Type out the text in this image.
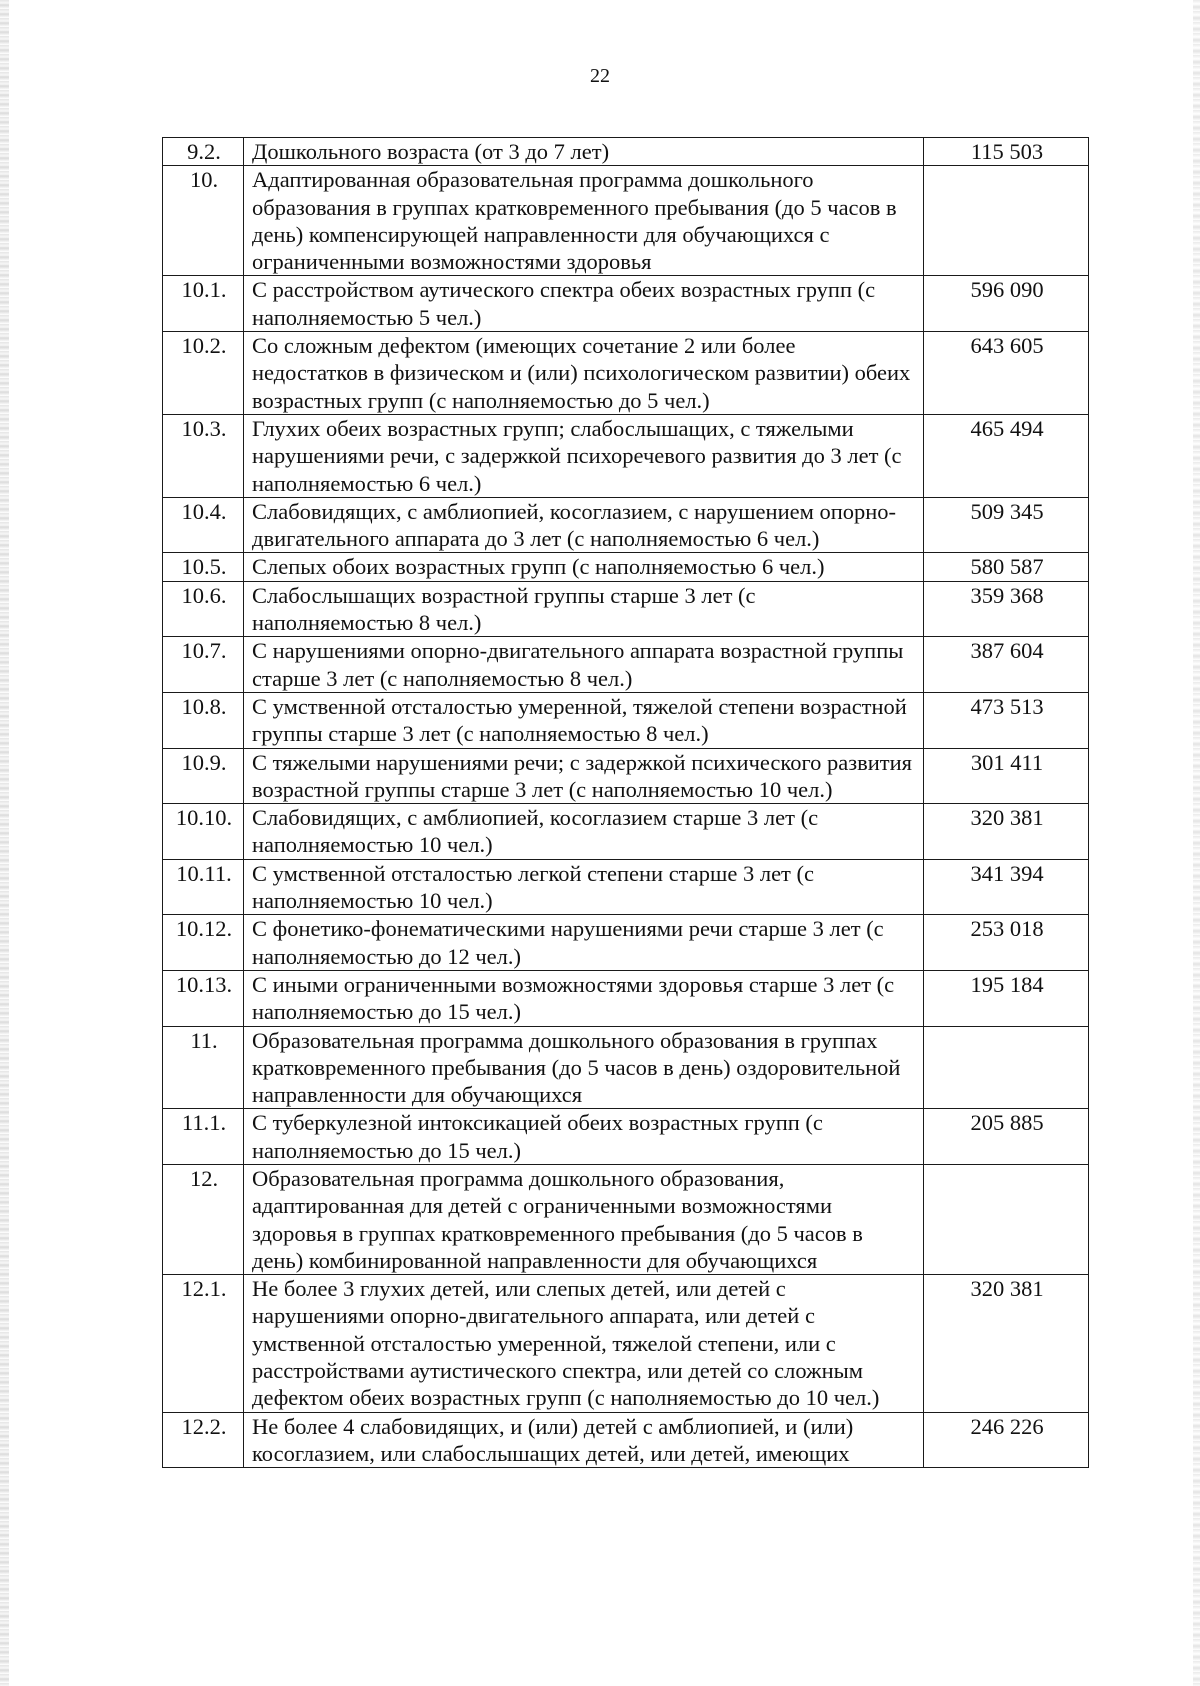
22
9.2.	Дошкольного возраста (от 3 до 7 лет)	115 503
10.	Адаптированная образовательная программа дошкольного образования в группах кратковременного пребывания (до 5 часов в день) компенсирующей направленности для обучающихся с ограниченными возможностями здоровья	
10.1.	С расстройством аутического спектра обеих возрастных групп (с наполняемостью 5 чел.)	596 090
10.2.	Со сложным дефектом (имеющих сочетание 2 или более недостатков в физическом и (или) психологическом развитии) обеих возрастных групп (с наполняемостью до 5 чел.)	643 605
10.3.	Глухих обеих возрастных групп; слабослышащих, с тяжелыми нарушениями речи, с задержкой психоречевого развития до 3 лет (с наполняемостью 6 чел.)	465 494
10.4.	Слабовидящих, с амблиопией, косоглазием, с нарушением опорно-двигательного аппарата до 3 лет (с наполняемостью 6 чел.)	509 345
10.5.	Слепых обоих возрастных групп (с наполняемостью 6 чел.)	580 587
10.6.	Слабослышащих возрастной группы старше 3 лет (с наполняемостью 8 чел.)	359 368
10.7.	С нарушениями опорно-двигательного аппарата возрастной группы старше 3 лет (с наполняемостью 8 чел.)	387 604
10.8.	С умственной отсталостью умеренной, тяжелой степени возрастной группы старше 3 лет (с наполняемостью 8 чел.)	473 513
10.9.	С тяжелыми нарушениями речи; с задержкой психического развития возрастной группы старше 3 лет (с наполняемостью 10 чел.)	301 411
10.10.	Слабовидящих, с амблиопией, косоглазием старше 3 лет (с наполняемостью 10 чел.)	320 381
10.11.	С умственной отсталостью легкой степени старше 3 лет (с наполняемостью 10 чел.)	341 394
10.12.	С фонетико-фонематическими нарушениями речи старше 3 лет (с наполняемостью до 12 чел.)	253 018
10.13.	С иными ограниченными возможностями здоровья старше 3 лет (с наполняемостью до 15 чел.)	195 184
11.	Образовательная программа дошкольного образования в группах кратковременного пребывания (до 5 часов в день) оздоровительной направленности для обучающихся	
11.1.	С туберкулезной интоксикацией обеих возрастных групп (с наполняемостью до 15 чел.)	205 885
12.	Образовательная программа дошкольного образования, адаптированная для детей с ограниченными возможностями здоровья в группах кратковременного пребывания (до 5 часов в день) комбинированной направленности для обучающихся	
12.1.	Не более 3 глухих детей, или слепых детей, или детей с нарушениями опорно-двигательного аппарата, или детей с умственной отсталостью умеренной, тяжелой степени, или с расстройствами аутистического спектра, или детей со сложным дефектом обеих возрастных групп (с наполняемостью до 10 чел.)	320 381
12.2.	Не более 4 слабовидящих, и (или) детей с амблиопией, и (или) косоглазием, или слабослышащих детей, или детей, имеющих	246 226
